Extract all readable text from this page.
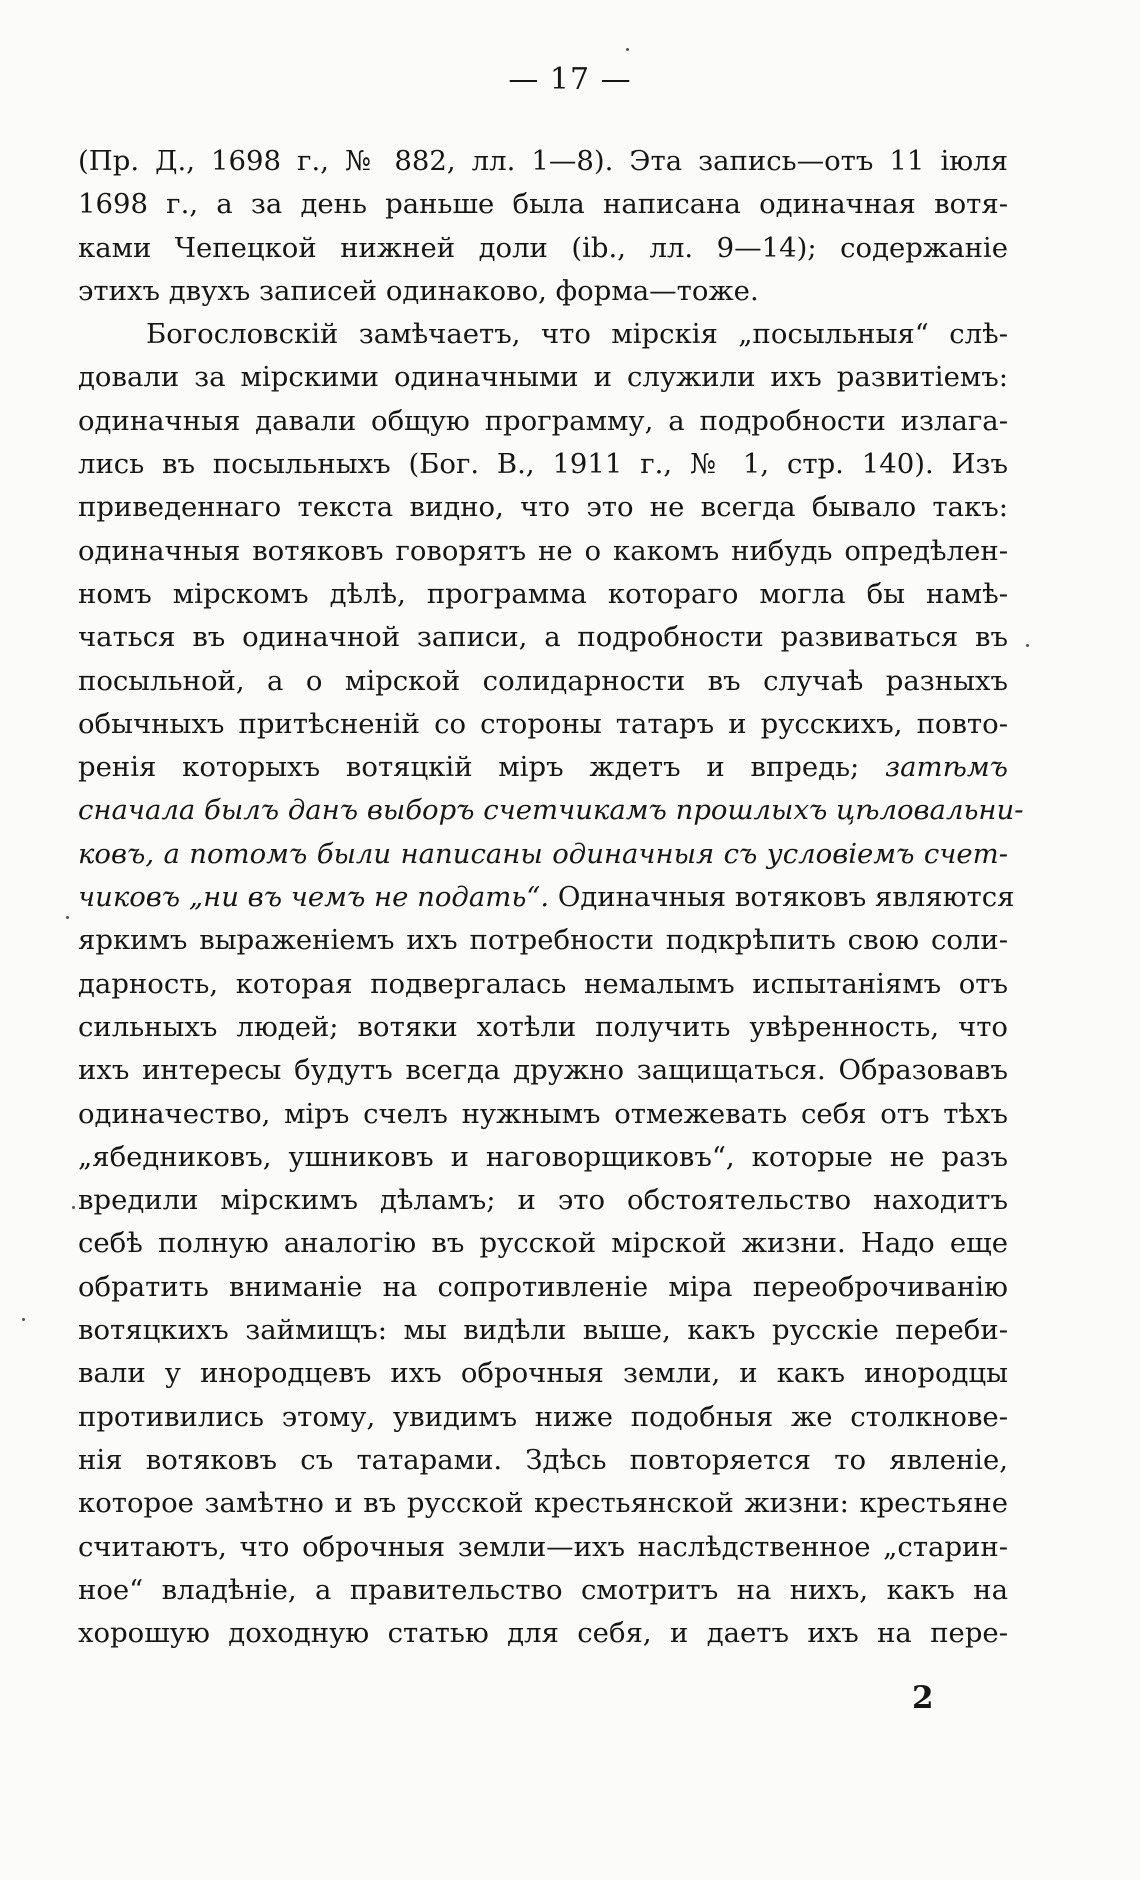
— 17 —
(Пр. Д., 1698 г., № 882, лл. 1—8). Эта запись—отъ 11 іюля
1698 г., а за день раньше была написана одиначная вотя-
ками Чепецкой нижней доли (ib., лл. 9—14); содержаніе
этихъ двухъ записей одинаково, форма—тоже.
Богословскій замѣчаетъ, что мірскія „посыльныя“ слѣ-
довали за мірскими одиначными и служили ихъ развитіемъ:
одиначныя давали общую программу, а подробности излага-
лись въ посыльныхъ (Бог. В., 1911 г., № 1, стр. 140). Изъ
приведеннаго текста видно, что это не всегда бывало такъ:
одиначныя вотяковъ говорятъ не о какомъ нибудь опредѣлен-
номъ мірскомъ дѣлѣ, программа котораго могла бы намѣ-
чаться въ одиначной записи, а подробности развиваться въ
посыльной, а о мірской солидарности въ случаѣ разныхъ
обычныхъ притѣсненій со стороны татаръ и русскихъ, повто-
ренія которыхъ вотяцкій міръ ждетъ и впредь; затѣмъ
сначала былъ данъ выборъ счетчикамъ прошлыхъ цѣловальни-
ковъ, а потомъ были написаны одиначныя съ условіемъ счет-
чиковъ „ни въ чемъ не подать“. Одиначныя вотяковъ являются
яркимъ выраженіемъ ихъ потребности подкрѣпить свою соли-
дарность, которая подвергалась немалымъ испытаніямъ отъ
сильныхъ людей; вотяки хотѣли получить увѣренность, что
ихъ интересы будутъ всегда дружно защищаться. Образовавъ
одиначество, міръ счелъ нужнымъ отмежевать себя отъ тѣхъ
„ябедниковъ, ушниковъ и наговорщиковъ“, которые не разъ
вредили мірскимъ дѣламъ; и это обстоятельство находитъ
себѣ полную аналогію въ русской мірской жизни. Надо еще
обратить вниманіе на сопротивленіе міра переоброчиванію
вотяцкихъ займищъ: мы видѣли выше, какъ русскіе переби-
вали у инородцевъ ихъ оброчныя земли, и какъ инородцы
противились этому, увидимъ ниже подобныя же столкнове-
нія вотяковъ съ татарами. Здѣсь повторяется то явленіе,
которое замѣтно и въ русской крестьянской жизни: крестьяне
считаютъ, что оброчныя земли—ихъ наслѣдственное „старин-
ное“ владѣніе, а правительство смотритъ на нихъ, какъ на
хорошую доходную статью для себя, и даетъ ихъ на пере-
2
